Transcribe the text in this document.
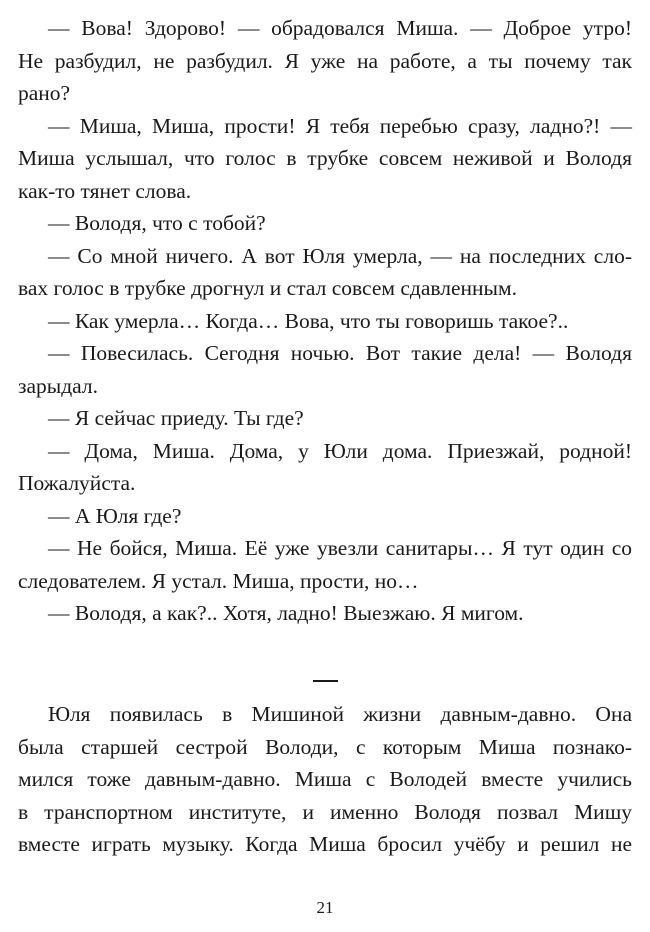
— Вова! Здорово! — обрадовался Миша. — Доброе утро!
Не разбудил, не разбудил. Я уже на работе, а ты почему так
рано?
— Миша, Миша, прости! Я тебя перебью сразу, ладно?! —
Миша услышал, что голос в трубке совсем неживой и Володя
как-то тянет слова.
— Володя, что с тобой?
— Со мной ничего. А вот Юля умерла, — на последних сло-
вах голос в трубке дрогнул и стал совсем сдавленным.
— Как умерла… Когда… Вова, что ты говоришь такое?..
— Повесилась. Сегодня ночью. Вот такие дела! — Володя
зарыдал.
— Я сейчас приеду. Ты где?
— Дома, Миша. Дома, у Юли дома. Приезжай, родной!
Пожалуйста.
— А Юля где?
— Не бойся, Миша. Её уже увезли санитары… Я тут один со
следователем. Я устал. Миша, прости, но…
— Володя, а как?.. Хотя, ладно! Выезжаю. Я мигом.
Юля появилась в Мишиной жизни давным-давно. Она
была старшей сестрой Володи, с которым Миша познако-
мился тоже давным-давно. Миша с Володей вместе учились
в транспортном институте, и именно Володя позвал Мишу
вместе играть музыку. Когда Миша бросил учёбу и решил не
21
